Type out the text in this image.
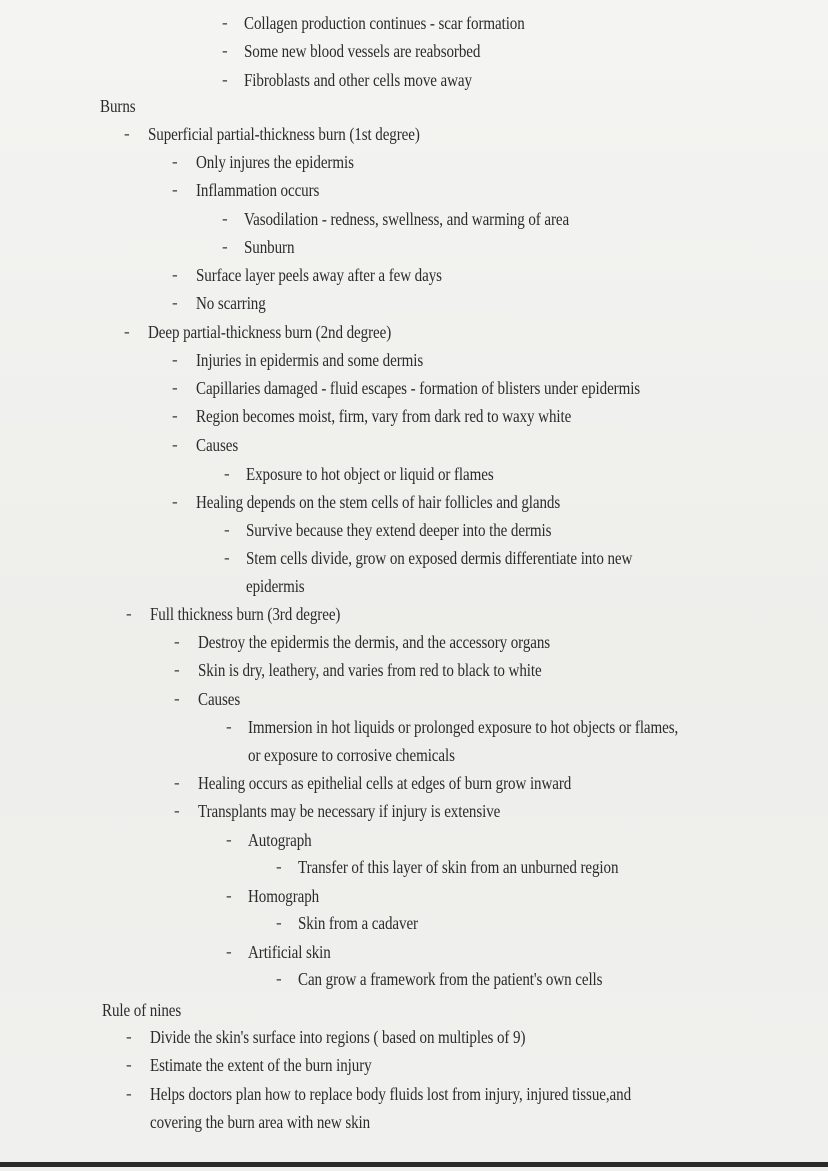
- Collagen production continues - scar formation
- Some new blood vessels are reabsorbed
- Fibroblasts and other cells move away
Burns
- Superficial partial-thickness burn (1st degree)
- Only injures the epidermis
- Inflammation occurs
- Vasodilation - redness, swellness, and warming of area
- Sunburn
- Surface layer peels away after a few days
- No scarring
- Deep partial-thickness burn (2nd degree)
- Injuries in epidermis and some dermis
- Capillaries damaged - fluid escapes - formation of blisters under epidermis
- Region becomes moist, firm, vary from dark red to waxy white
- Causes
- Exposure to hot object or liquid or flames
- Healing depends on the stem cells of hair follicles and glands
- Survive because they extend deeper into the dermis
- Stem cells divide, grow on exposed dermis differentiate into new
epidermis
- Full thickness burn (3rd degree)
- Destroy the epidermis the dermis, and the accessory organs
- Skin is dry, leathery, and varies from red to black to white
- Causes
- Immersion in hot liquids or prolonged exposure to hot objects or flames,
or exposure to corrosive chemicals
- Healing occurs as epithelial cells at edges of burn grow inward
- Transplants may be necessary if injury is extensive
- Autograph
- Transfer of this layer of skin from an unburned region
- Homograph
- Skin from a cadaver
- Artificial skin
- Can grow a framework from the patient's own cells
Rule of nines
- Divide the skin's surface into regions ( based on multiples of 9)
- Estimate the extent of the burn injury
- Helps doctors plan how to replace body fluids lost from injury, injured tissue,and
covering the burn area with new skin
